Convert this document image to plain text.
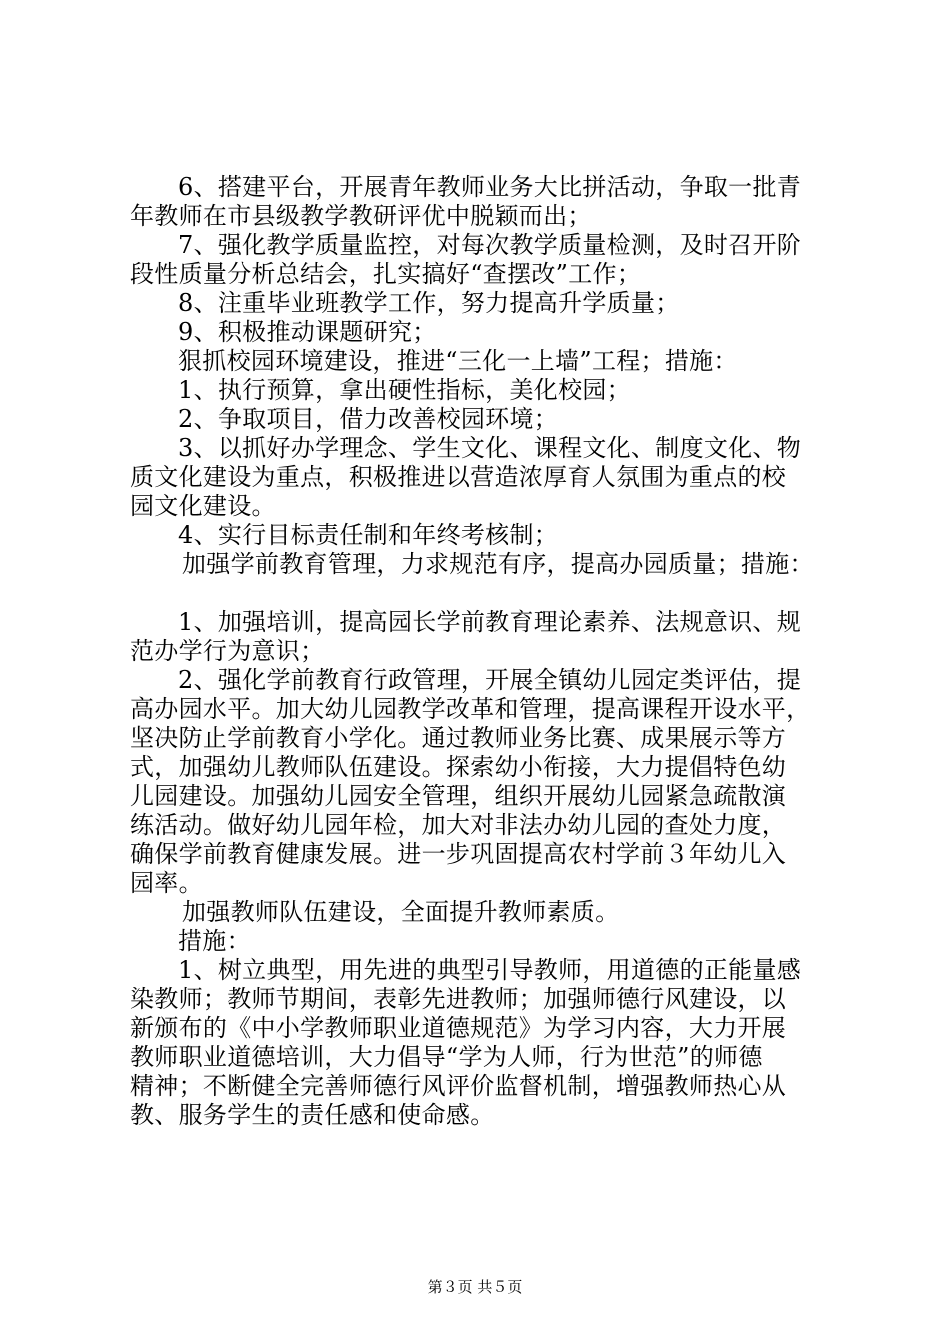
6、搭建平台，开展青年教师业务大比拼活动，争取一批青
年教师在市县级教学教研评优中脱颖而出；
7、强化教学质量监控，对每次教学质量检测，及时召开阶
段性质量分析总结会，扎实搞好“查摆改”工作；
8、注重毕业班教学工作，努力提高升学质量；
9、积极推动课题研究；
狠抓校园环境建设，推进“三化一上墙”工程；措施：
1、执行预算，拿出硬性指标，美化校园；
2、争取项目，借力改善校园环境；
3、以抓好办学理念、学生文化、课程文化、制度文化、物
质文化建设为重点，积极推进以营造浓厚育人氛围为重点的校
园文化建设。
4、实行目标责任制和年终考核制；
加强学前教育管理，力求规范有序，提高办园质量；措施：
1、加强培训，提高园长学前教育理论素养、法规意识、规
范办学行为意识；
2、强化学前教育行政管理，开展全镇幼儿园定类评估，提
高办园水平。加大幼儿园教学改革和管理，提高课程开设水平，
坚决防止学前教育小学化。通过教师业务比赛、成果展示等方
式，加强幼儿教师队伍建设。探索幼小衔接，大力提倡特色幼
儿园建设。加强幼儿园安全管理，组织开展幼儿园紧急疏散演
练活动。做好幼儿园年检，加大对非法办幼儿园的查处力度，
确保学前教育健康发展。进一步巩固提高农村学前３年幼儿入
园率。
加强教师队伍建设，全面提升教师素质。
措施：
1、树立典型，用先进的典型引导教师，用道德的正能量感
染教师；教师节期间，表彰先进教师；加强师德行风建设，以
新颁布的《中小学教师职业道德规范》为学习内容，大力开展
教师职业道德培训，大力倡导“学为人师，行为世范”的师德
精神；不断健全完善师德行风评价监督机制，增强教师热心从
教、服务学生的责任感和使命感。
第３页 共５页
